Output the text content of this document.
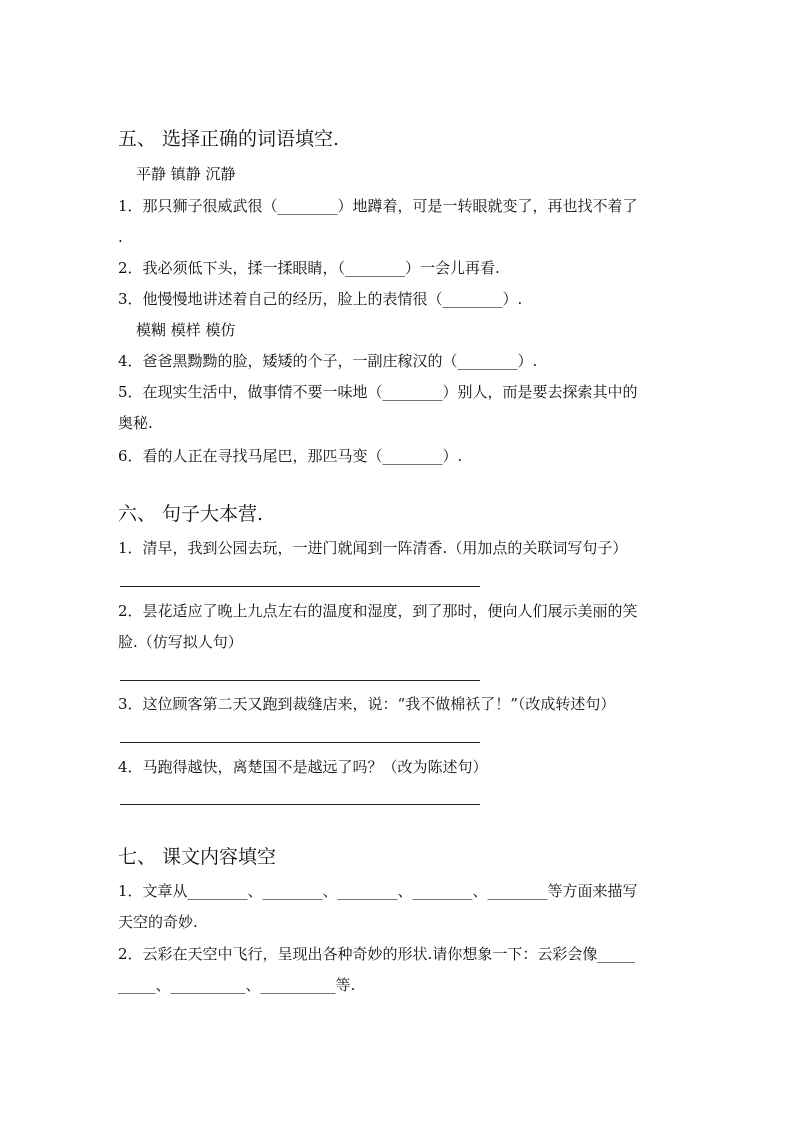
五、 选择正确的词语填空.
平静 镇静 沉静
1．那只狮子很威武很（________）地蹲着，可是一转眼就变了，再也找不着了
.
2．我必须低下头，揉一揉眼睛，（________）一会儿再看.
3．他慢慢地讲述着自己的经历，脸上的表情很（________）.
模糊 模样 模仿
4．爸爸黑黝黝的脸，矮矮的个子，一副庄稼汉的（________）.
5．在现实生活中，做事情不要一味地（________）别人，而是要去探索其中的
奥秘.
6．看的人正在寻找马尾巴，那匹马变（________）.
六、 句子大本营.
1．清早，我到公园去玩，一进门就闻到一阵清香.（用加点的关联词写句子）
2．昙花适应了晚上九点左右的温度和湿度，到了那时，便向人们展示美丽的笑
脸.（仿写拟人句）
3．这位顾客第二天又跑到裁缝店来，说：“我不做棉袄了！”（改成转述句）
4．马跑得越快，离楚国不是越远了吗？（改为陈述句）
七、 课文内容填空
1．文章从________、________、________、________、________等方面来描写
天空的奇妙.
2．云彩在天空中飞行，呈现出各种奇妙的形状.请你想象一下：云彩会像_____
_____、__________、__________等.
